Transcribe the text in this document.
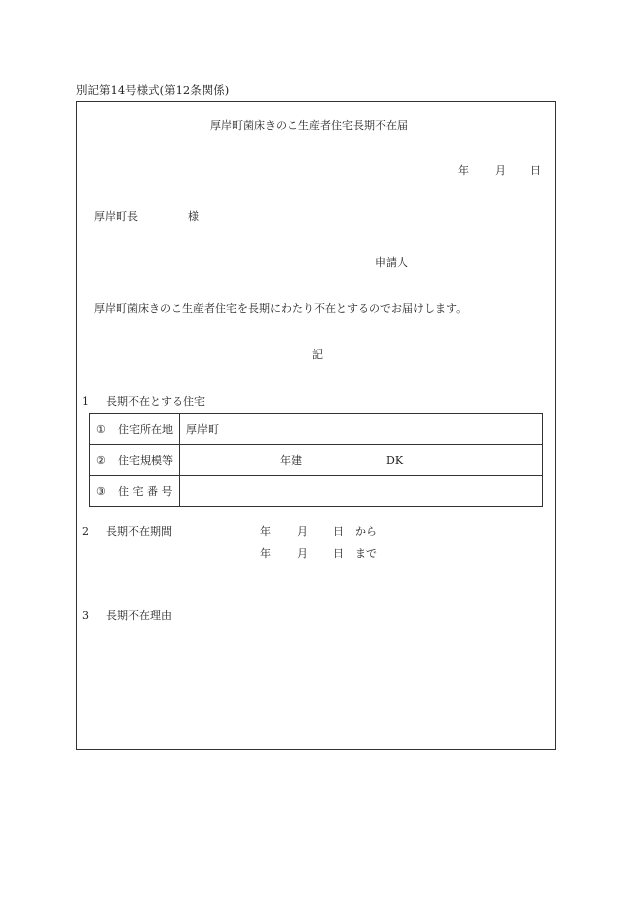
別記第14号様式(第12条関係)
厚岸町菌床きのこ生産者住宅長期不在届
年 月 日
厚岸町長	様
申請人
厚岸町菌床きのこ生産者住宅を長期にわたり不在とするのでお届けします。
記
1 長期不在とする住宅
① 住宅所在地	厚岸町
② 住宅規模等	年建 DK

③ 住 宅 番 号	
2 長期不在期間	年 月 日 から
年 月 日 まで
3 長期不在理由
